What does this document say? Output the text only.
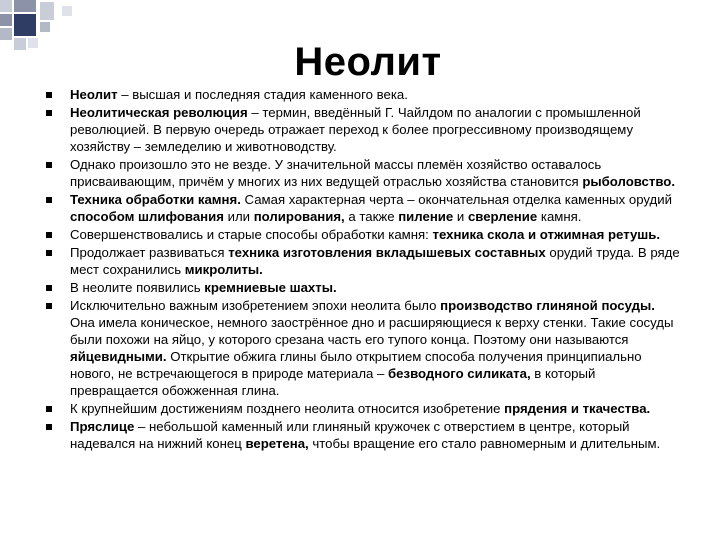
Неолит
Неолит – высшая и последняя стадия каменного века.
Неолитическая революция – термин, введённый Г. Чайлдом по аналогии с промышленной революцией. В первую очередь отражает переход к более прогрессивному производящему хозяйству – земледелию и животноводству.
Однако произошло это не везде. У значительной массы племён хозяйство оставалось присваивающим, причём у многих из них ведущей отраслью хозяйства становится рыболовство.
Техника обработки камня. Самая характерная черта – окончательная отделка каменных орудий способом шлифования или полирования, а также пиление и сверление камня.
Совершенствовались и старые способы обработки камня: техника скола и отжимная ретушь.
Продолжает развиваться техника изготовления вкладышевых составных орудий труда. В ряде мест сохранились микролиты.
В неолите появились кремниевые шахты.
Исключительно важным изобретением эпохи неолита было производство глиняной посуды. Она имела коническое, немного заострённое дно и расширяющиеся к верху стенки. Такие сосуды были похожи на яйцо, у которого срезана часть его тупого конца. Поэтому они называются яйцевидными. Открытие обжига глины было открытием способа получения принципиально нового, не встречающегося в природе материала – безводного силиката, в который превращается обожженная глина.
К крупнейшим достижениям позднего неолита относится изобретение прядения и ткачества.
Пряслице – небольшой каменный или глиняный кружочек с отверстием в центре, который надевался на нижний конец веретена, чтобы вращение его стало равномерным и длительным.
